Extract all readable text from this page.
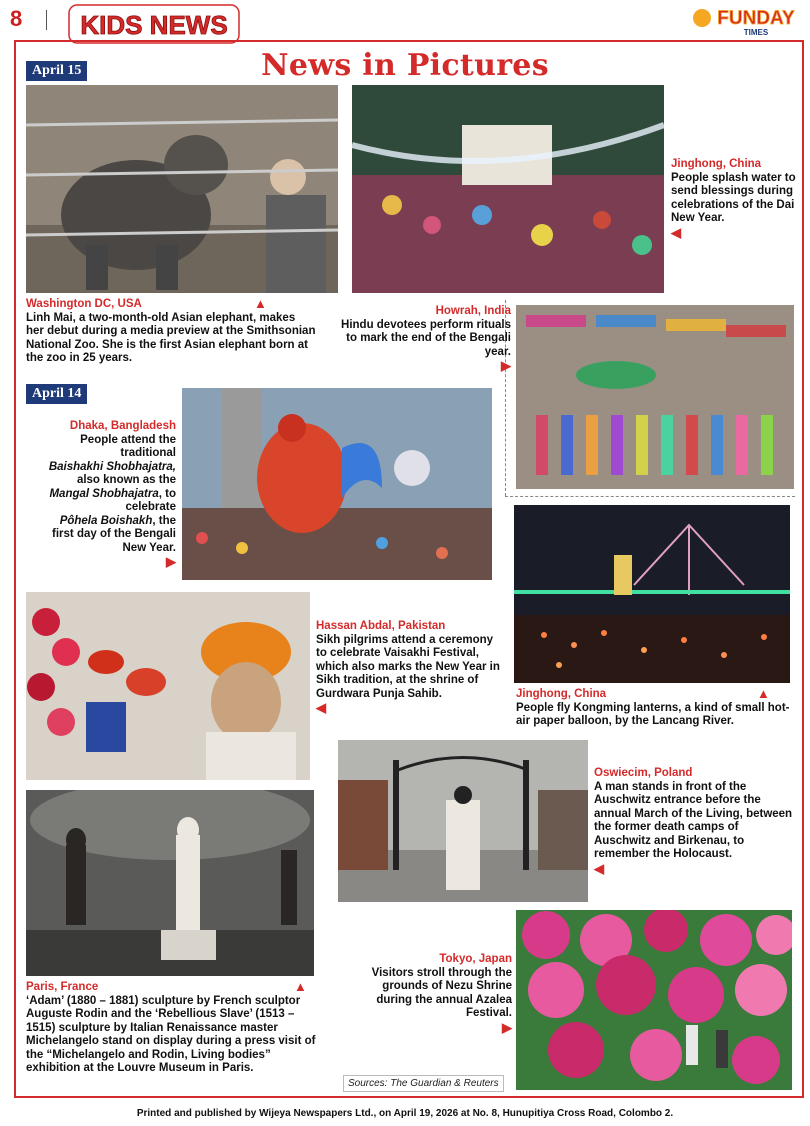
8 KIDS NEWS	FUNDAY
TIMES
News in Pictures
April 15
▲
Washington DC, USA
Linh Mai, a two-month-old Asian elephant, makes her debut during a media preview at the Smithsonian National Zoo. She is the first Asian elephant born at the zoo in 25 years.
Jinghong, China
People splash water to send blessings during celebrations of the Dai New Year.
◀
Howrah, India
Hindu devotees perform rituals to mark the end of the Bengali year.
▶
April 14
Dhaka, Bangladesh
People attend the traditional
Baishakhi Shobhajatra,
also known as the
Mangal Shobhajatra, to celebrate
Pôhela Boishakh, the first day of the Bengali New Year.
▶
Hassan Abdal, Pakistan
Sikh pilgrims attend a ceremony to celebrate Vaisakhi Festival, which also marks the New Year in Sikh tradition, at the shrine of Gurdwara Punja Sahib.
◀
▲
Jinghong, China
People fly Kongming lanterns, a kind of small hot-air paper balloon, by the Lancang River.
Oswiecim, Poland
A man stands in front of the Auschwitz entrance before the annual March of the Living, between the former death camps of Auschwitz and Birkenau, to remember the Holocaust.
◀
▲
Paris, France
‘Adam’ (1880 – 1881) sculpture by French sculptor Auguste Rodin and the ‘Rebellious Slave’ (1513 – 1515) sculpture by Italian Renaissance master Michelangelo stand on display during a press visit of the “Michelangelo and Rodin, Living bodies” exhibition at the Louvre Museum in Paris.
Tokyo, Japan
Visitors stroll through the grounds of Nezu Shrine during the annual Azalea Festival.
▶
Sources: The Guardian & Reuters
Printed and published by Wijeya Newspapers Ltd., on April 19, 2026 at No. 8, Hunupitiya Cross Road, Colombo 2.
